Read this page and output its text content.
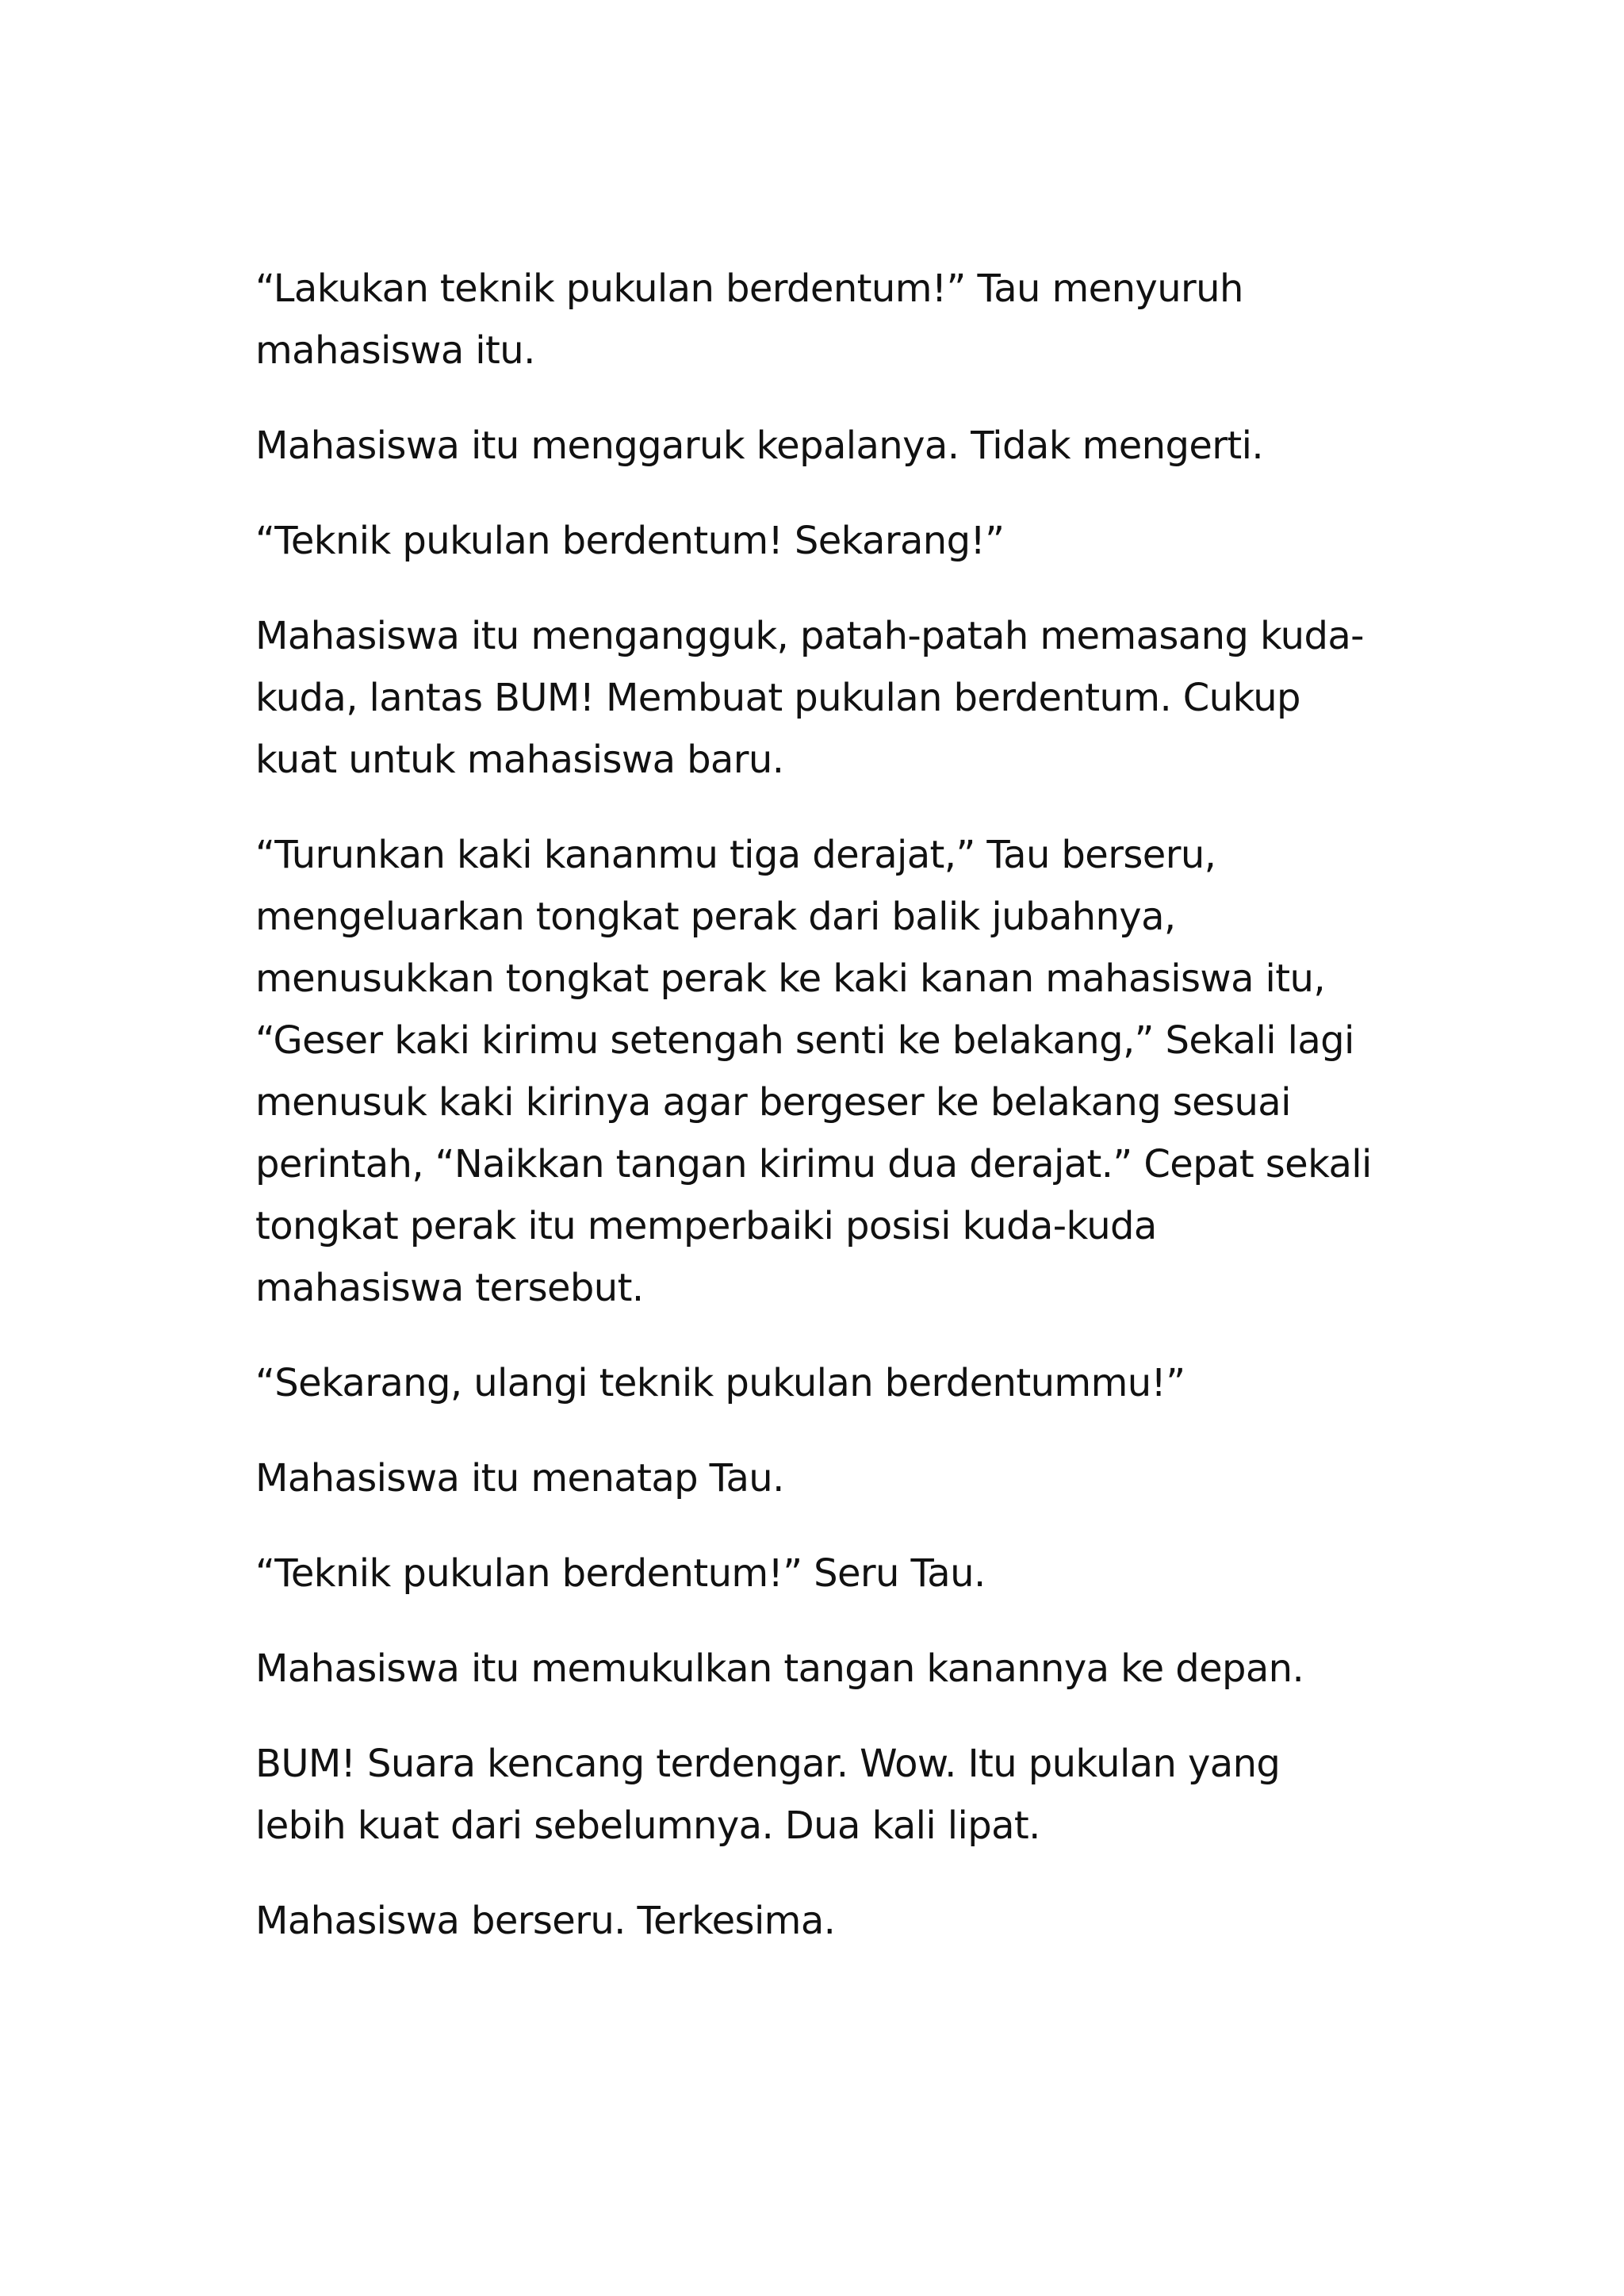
“Lakukan teknik pukulan berdentum!” Tau menyuruh
mahasiswa itu.

Mahasiswa itu menggaruk kepalanya. Tidak mengerti.

“Teknik pukulan berdentum! Sekarang!”

Mahasiswa itu mengangguk, patah-patah memasang kuda-
kuda, lantas BUM! Membuat pukulan berdentum. Cukup
kuat untuk mahasiswa baru.

“Turunkan kaki kananmu tiga derajat,” Tau berseru,
mengeluarkan tongkat perak dari balik jubahnya,
menusukkan tongkat perak ke kaki kanan mahasiswa itu,
“Geser kaki kirimu setengah senti ke belakang,” Sekali lagi
menusuk kaki kirinya agar bergeser ke belakang sesuai
perintah, “Naikkan tangan kirimu dua derajat.” Cepat sekali
tongkat perak itu memperbaiki posisi kuda-kuda
mahasiswa tersebut.

“Sekarang, ulangi teknik pukulan berdentummu!”

Mahasiswa itu menatap Tau.

“Teknik pukulan berdentum!” Seru Tau.

Mahasiswa itu memukulkan tangan kanannya ke depan.

BUM! Suara kencang terdengar. Wow. Itu pukulan yang
lebih kuat dari sebelumnya. Dua kali lipat.

Mahasiswa berseru. Terkesima.
